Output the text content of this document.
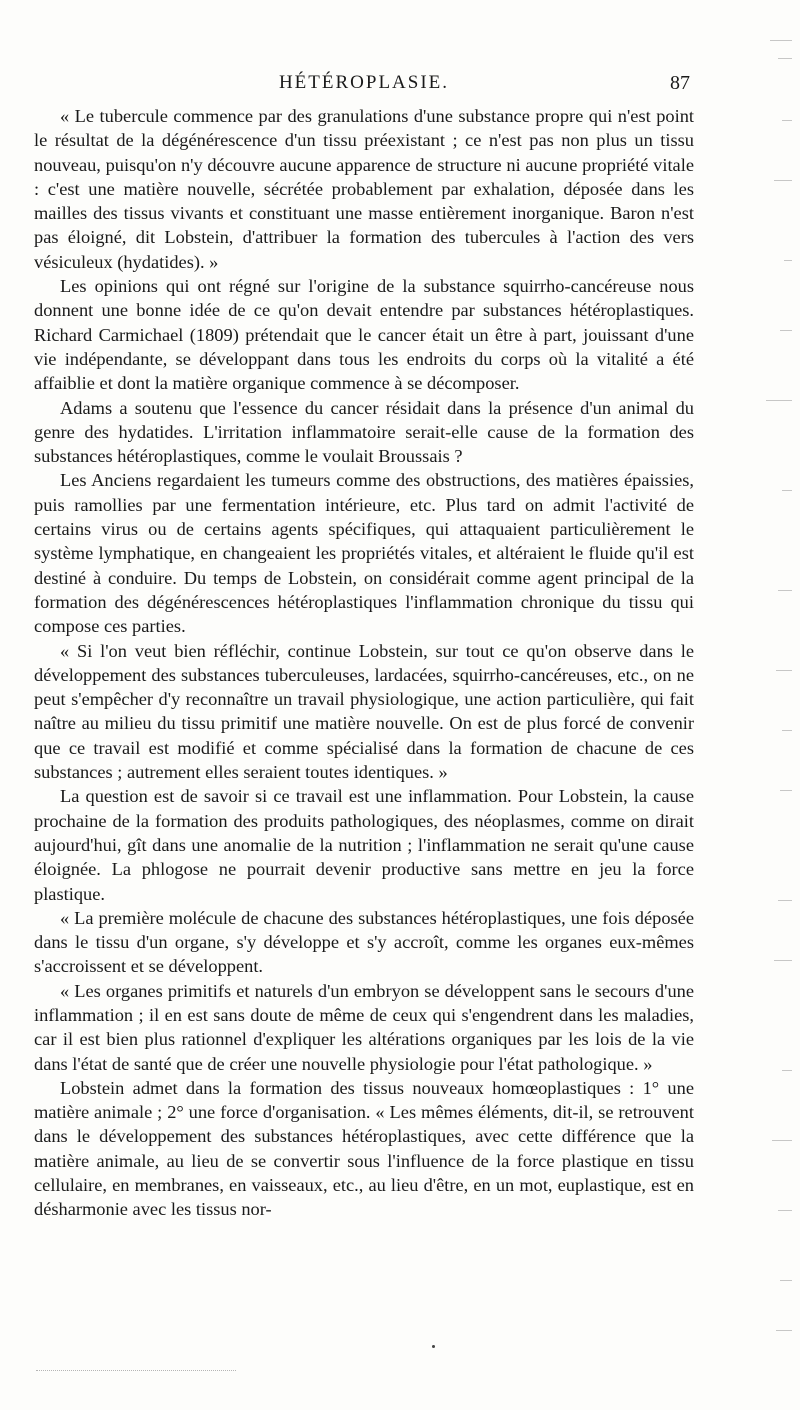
HÉTÉROPLASIE.	87

« Le tubercule commence par des granulations d'une substance propre qui n'est point le résultat de la dégénérescence d'un tissu préexistant ; ce n'est pas non plus un tissu nouveau, puisqu'on n'y découvre aucune apparence de structure ni aucune propriété vitale : c'est une matière nouvelle, sécrétée probablement par exhalation, déposée dans les mailles des tissus vivants et constituant une masse entièrement inorganique. Baron n'est pas éloigné, dit Lobstein, d'attribuer la formation des tubercules à l'action des vers vésiculeux (hydatides). »

Les opinions qui ont régné sur l'origine de la substance squirrho-cancéreuse nous donnent une bonne idée de ce qu'on devait entendre par substances hétéroplastiques. Richard Carmichael (1809) prétendait que le cancer était un être à part, jouissant d'une vie indépendante, se développant dans tous les endroits du corps où la vitalité a été affaiblie et dont la matière organique commence à se décomposer.

Adams a soutenu que l'essence du cancer résidait dans la présence d'un animal du genre des hydatides. L'irritation inflammatoire serait-elle cause de la formation des substances hétéroplastiques, comme le voulait Broussais ?

Les Anciens regardaient les tumeurs comme des obstructions, des matières épaissies, puis ramollies par une fermentation intérieure, etc. Plus tard on admit l'activité de certains virus ou de certains agents spécifiques, qui attaquaient particulièrement le système lymphatique, en changeaient les propriétés vitales, et altéraient le fluide qu'il est destiné à conduire. Du temps de Lobstein, on considérait comme agent principal de la formation des dégénérescences hétéroplastiques l'inflammation chronique du tissu qui compose ces parties.

« Si l'on veut bien réfléchir, continue Lobstein, sur tout ce qu'on observe dans le développement des substances tuberculeuses, lardacées, squirrho-cancéreuses, etc., on ne peut s'empêcher d'y reconnaître un travail physiologique, une action particulière, qui fait naître au milieu du tissu primitif une matière nouvelle. On est de plus forcé de convenir que ce travail est modifié et comme spécialisé dans la formation de chacune de ces substances ; autrement elles seraient toutes identiques. »

La question est de savoir si ce travail est une inflammation. Pour Lobstein, la cause prochaine de la formation des produits pathologiques, des néoplasmes, comme on dirait aujourd'hui, gît dans une anomalie de la nutrition ; l'inflammation ne serait qu'une cause éloignée. La phlogose ne pourrait devenir productive sans mettre en jeu la force plastique.

« La première molécule de chacune des substances hétéroplastiques, une fois déposée dans le tissu d'un organe, s'y développe et s'y accroît, comme les organes eux-mêmes s'accroissent et se développent.

« Les organes primitifs et naturels d'un embryon se développent sans le secours d'une inflammation ; il en est sans doute de même de ceux qui s'engendrent dans les maladies, car il est bien plus rationnel d'expliquer les altérations organiques par les lois de la vie dans l'état de santé que de créer une nouvelle physiologie pour l'état pathologique. »

Lobstein admet dans la formation des tissus nouveaux homœoplastiques : 1° une matière animale ; 2° une force d'organisation. « Les mêmes éléments, dit-il, se retrouvent dans le développement des substances hétéroplastiques, avec cette différence que la matière animale, au lieu de se convertir sous l'influence de la force plastique en tissu cellulaire, en membranes, en vaisseaux, etc., au lieu d'être, en un mot, euplastique, est en désharmonie avec les tissus nor-
